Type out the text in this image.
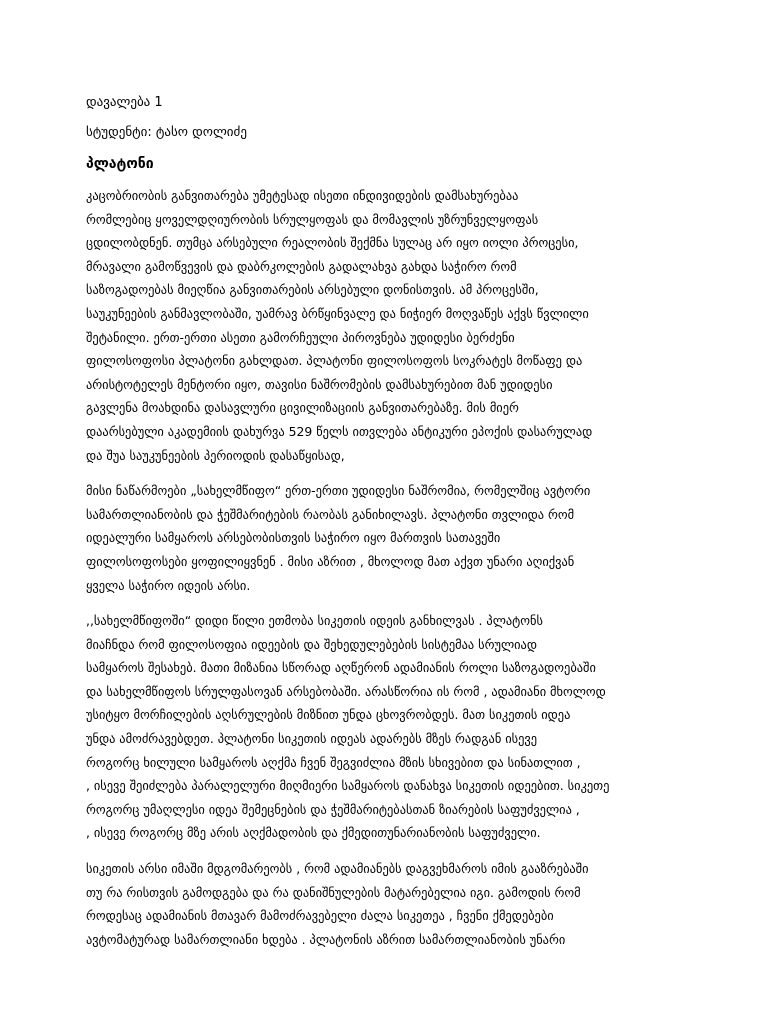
დავალება 1
სტუდენტი: ტასო დოლიძე
პლატონი
კაცობრიობის განვითარება უმეტესად ისეთი ინდივიდების დამსახურებაა
რომლებიც ყოველდღიურობის სრულყოფას და მომავლის უზრუნველყოფას
ცდილობდნენ. თუმცა არსებული რეალობის შექმნა სულაც არ იყო იოლი პროცესი,
მრავალი გამოწვევის და დაბრკოლების გადალახვა გახდა საჭირო რომ
საზოგადოებას მიეღწია განვითარების არსებული დონისთვის. ამ პროცესში,
საუკუნეების განმავლობაში, უამრავ ბრწყინვალე და ნიჭიერ მოღვაწეს აქვს წვლილი
შეტანილი. ერთ-ერთი ასეთი გამორჩეული პიროვნება უდიდესი ბერძენი
ფილოსოფოსი პლატონი გახლდათ. პლატონი ფილოსოფოს სოკრატეს მოწაფე და
არისტოტელეს მენტორი იყო, თავისი ნაშრომების დამსახურებით მან უდიდესი
გავლენა მოახდინა დასავლური ცივილიზაციის განვითარებაზე. მის მიერ
დაარსებული აკადემიის დახურვა 529 წელს ითვლება ანტიკური ეპოქის დასარულად
და შუა საუკუნეების პერიოდის დასაწყისად,
მისი ნაწარმოები „სახელმწიფო“ ერთ-ერთი უდიდესი ნაშრომია, რომელშიც ავტორი
სამართლიანობის და ჭეშმარიტების რაობას განიხილავს. პლატონი თვლიდა რომ
იდეალური სამყაროს არსებობისთვის საჭირო იყო მართვის სათავეში
ფილოსოფოსები ყოფილიყვნენ . მისი აზრით , მხოლოდ მათ აქვთ უნარი აღიქვან
ყველა საჭირო იდეის არსი.
,,სახელმწიფოში“ დიდი წილი ეთმობა სიკეთის იდეის განხილვას . პლატონს
მიაჩნდა რომ ფილოსოფია იდეების და შეხედულებების სისტემაა სრულიად
სამყაროს შესახებ. მათი მიზანია სწორად აღწერონ ადამიანის როლი საზოგადოებაში
და სახელმწიფოს სრულფასოვან არსებობაში. არასწორია ის რომ , ადამიანი მხოლოდ
უსიტყო მორჩილების აღსრულების მიზნით უნდა ცხოვრობდეს. მათ სიკეთის იდეა
უნდა ამოძრავებდეთ. პლატონი სიკეთის იდეას ადარებს მზეს რადგან ისევე
როგორც ხილული სამყაროს აღქმა ჩვენ შეგვიძლია მზის სხივებით და სინათლით ,
, ისევე შეიძლება პარალელური მიღმიერი სამყაროს დანახვა სიკეთის იდეებით. სიკეთე
როგორც უმაღლესი იდეა შემეცნების და ჭეშმარიტებასთან ზიარების საფუძველია ,
, ისევე როგორც მზე არის აღქმადობის და ქმედითუნარიანობის საფუძველი.
სიკეთის არსი იმაში მდგომარეობს , რომ ადამიანებს დაგვეხმაროს იმის გააზრებაში
თუ რა რისთვის გამოდგება და რა დანიშნულების მატარებელია იგი. გამოდის რომ
როდესაც ადამიანის მთავარ მამოძრავებელი ძალა სიკეთეა , ჩვენი ქმედებები
ავტომატურად სამართლიანი ხდება . პლატონის აზრით სამართლიანობის უნარი
